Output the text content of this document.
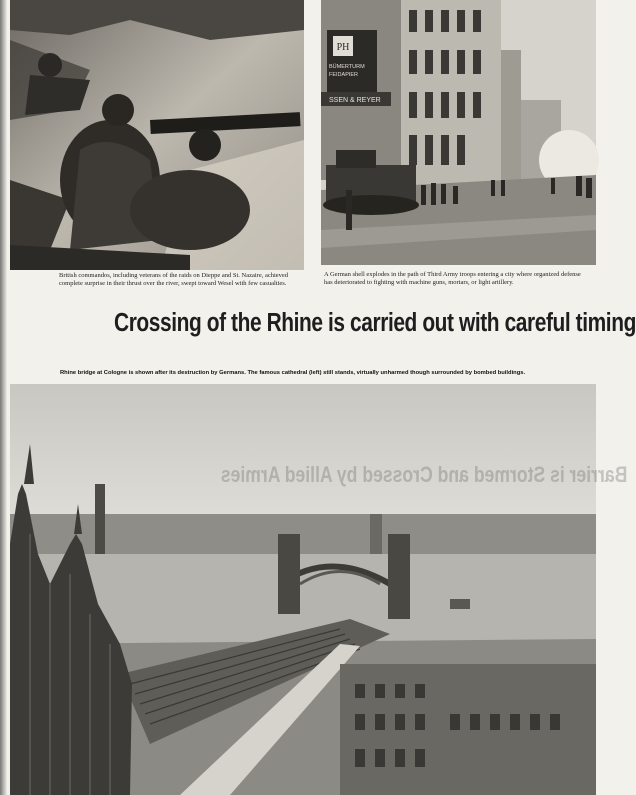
PH
BÜMERTURM
FEIDAPIER
SSEN & REYER
British commandos, including veterans of the raids on Dieppe and St. Nazaire, achieved complete surprise in their thrust over the river, swept toward Wesel with few casualties.
A German shell explodes in the path of Third Army troops entering a city where organized defense has deteriorated to fighting with machine guns, mortars, or light artillery.
Crossing of the Rhine is carried out with careful timing
Rhine bridge at Cologne is shown after its destruction by Germans. The famous cathedral (left) still stands, virtually unharmed though surrounded by bombed buildings.
Barrier is Stormed and Crossed by Allied Armies
